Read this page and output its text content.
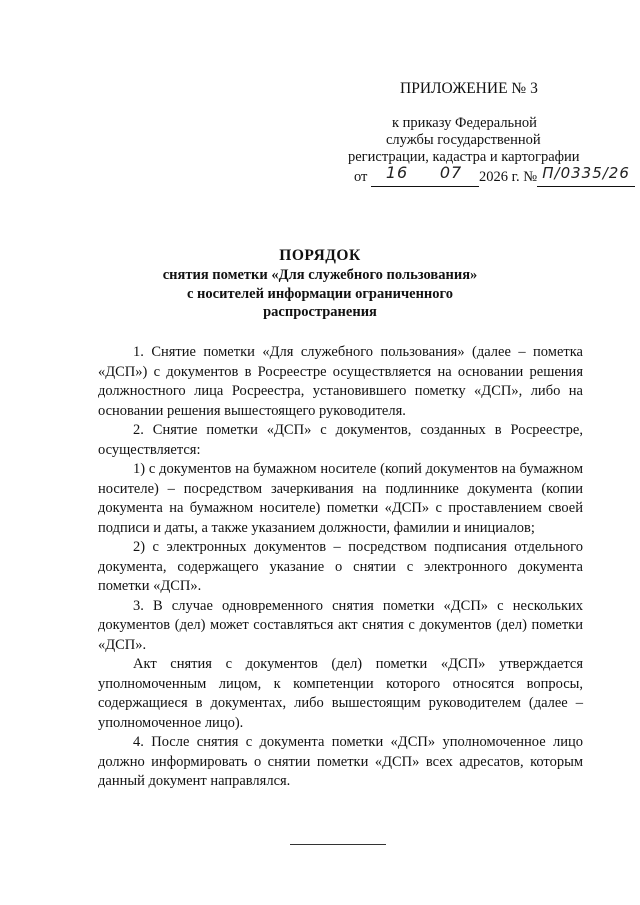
ПРИЛОЖЕНИЕ № 3
к приказу Федеральной
службы государственной
регистрации, кадастра и картографии
от 16 07 2026 г. № П/0335/26
ПОРЯДОК
снятия пометки «Для служебного пользования»
с носителей информации ограниченного
распространения

1. Снятие пометки «Для служебного пользования» (далее – пометка «ДСП») с документов в Росреестре осуществляется на основании решения должностного лица Росреестра, установившего пометку «ДСП», либо на основании решения вышестоящего руководителя.

2. Снятие пометки «ДСП» с документов, созданных в Росреестре, осуществляется:

1) с документов на бумажном носителе (копий документов на бумажном носителе) – посредством зачеркивания на подлиннике документа (копии документа на бумажном носителе) пометки «ДСП» с проставлением своей подписи и даты, а также указанием должности, фамилии и инициалов;

2) с электронных документов – посредством подписания отдельного документа, содержащего указание о снятии с электронного документа пометки «ДСП».

3. В случае одновременного снятия пометки «ДСП» с нескольких документов (дел) может составляться акт снятия с документов (дел) пометки «ДСП».

Акт снятия с документов (дел) пометки «ДСП» утверждается уполномоченным лицом, к компетенции которого относятся вопросы, содержащиеся в документах, либо вышестоящим руководителем (далее – уполномоченное лицо).

4. После снятия с документа пометки «ДСП» уполномоченное лицо должно информировать о снятии пометки «ДСП» всех адресатов, которым данный документ направлялся.
